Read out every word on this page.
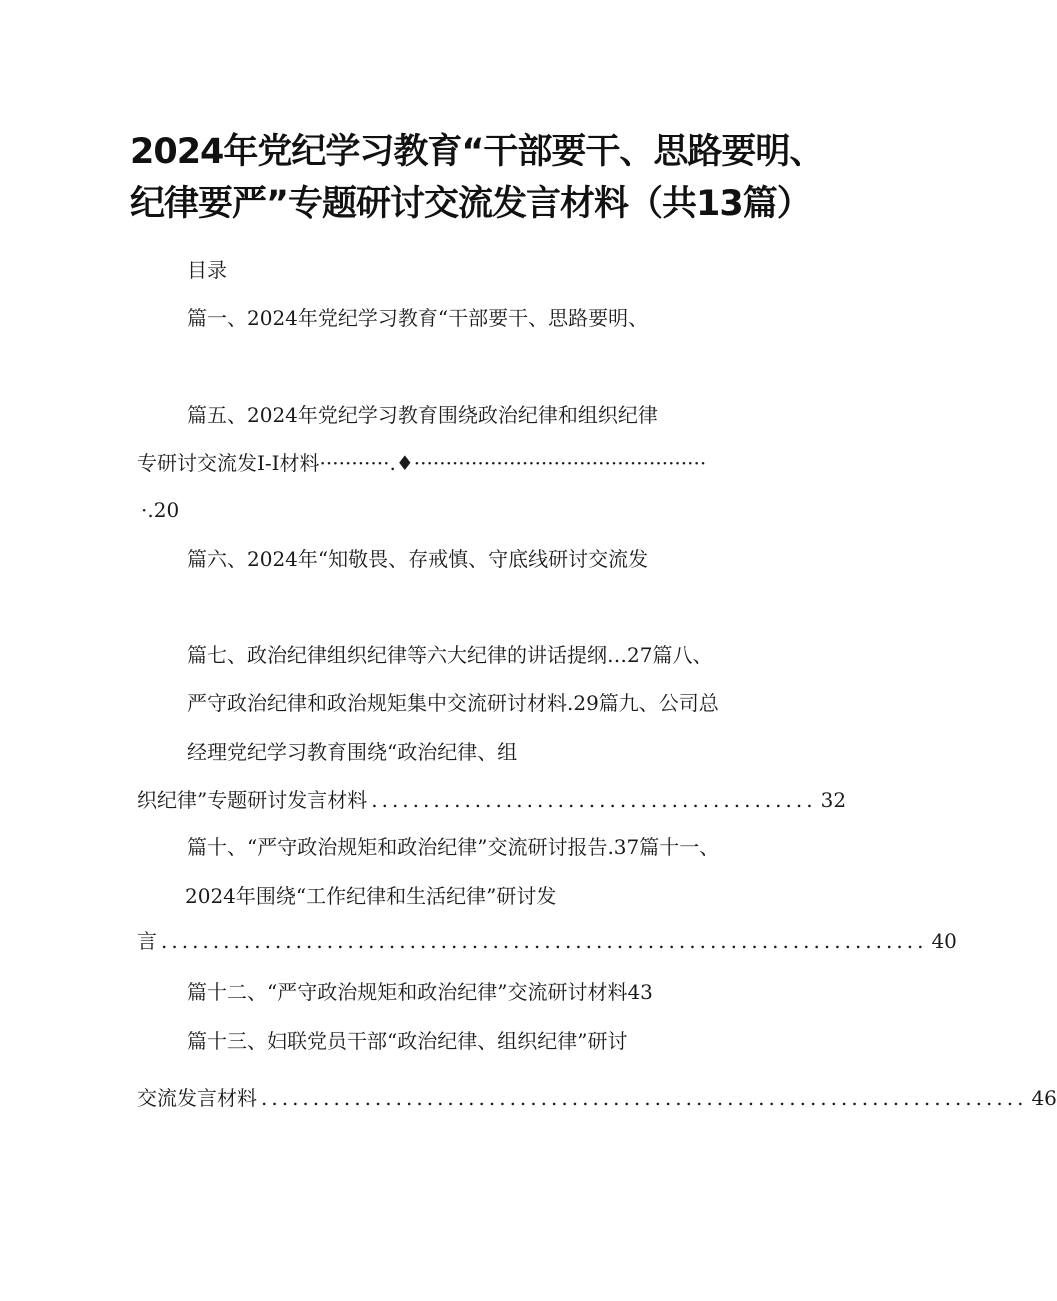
2024年党纪学习教育“干部要干、思路要明、
纪律要严”专题研讨交流发言材料（共13篇）
目录
篇一、2024年党纪学习教育“干部要干、思路要明、
篇五、2024年党纪学习教育围绕政治纪律和组织纪律
专研讨交流发I-I材料···········.♦··············································
·.20
篇六、2024年“知敬畏、存戒慎、守底线研讨交流发
篇七、政治纪律组织纪律等六大纪律的讲话提纲…27篇八、
严守政治纪律和政治规矩集中交流研讨材料.29篇九、公司总
经理党纪学习教育围绕“政治纪律、组
织纪律”专题研讨发言材料 ........................................... 32
篇十、“严守政治规矩和政治纪律”交流研讨报告.37篇十一、
2024年围绕“工作纪律和生活纪律”研讨发
言 .......................................................................... 40
篇十二、“严守政治规矩和政治纪律”交流研讨材料43
篇十三、妇联党员干部“政治纪律、组织纪律”研讨
交流发言材料 .......................................................................... 46
